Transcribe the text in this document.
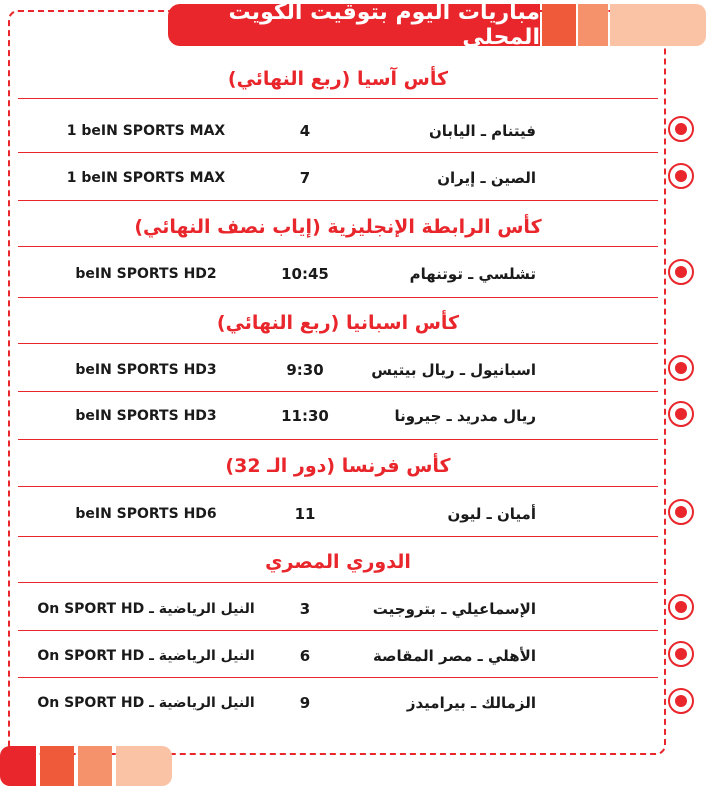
مباريات اليوم بتوقيت الكويت المحلي
كأس آسيا (ربع النهائي)
فيتنام ـ اليابان
4
1 beIN SPORTS MAX
الصين ـ إيران
7
1 beIN SPORTS MAX
كأس الرابطة الإنجليزية (إياب نصف النهائي)
تشلسي ـ توتنهام
10:45
beIN SPORTS HD2
كأس اسبانيا (ربع النهائي)
اسبانيول ـ ريال بيتيس
9:30
beIN SPORTS HD3
ريال مدريد ـ جيرونا
11:30
beIN SPORTS HD3
كأس فرنسا (دور الـ 32)
أميان ـ ليون
11
beIN SPORTS HD6
الدوري المصري
الإسماعيلي ـ بتروجيت
3
النيل الرياضية ـ On SPORT HD
الأهلي ـ مصر المقاصة
6
النيل الرياضية ـ On SPORT HD
الزمالك ـ بيراميدز
9
النيل الرياضية ـ On SPORT HD
